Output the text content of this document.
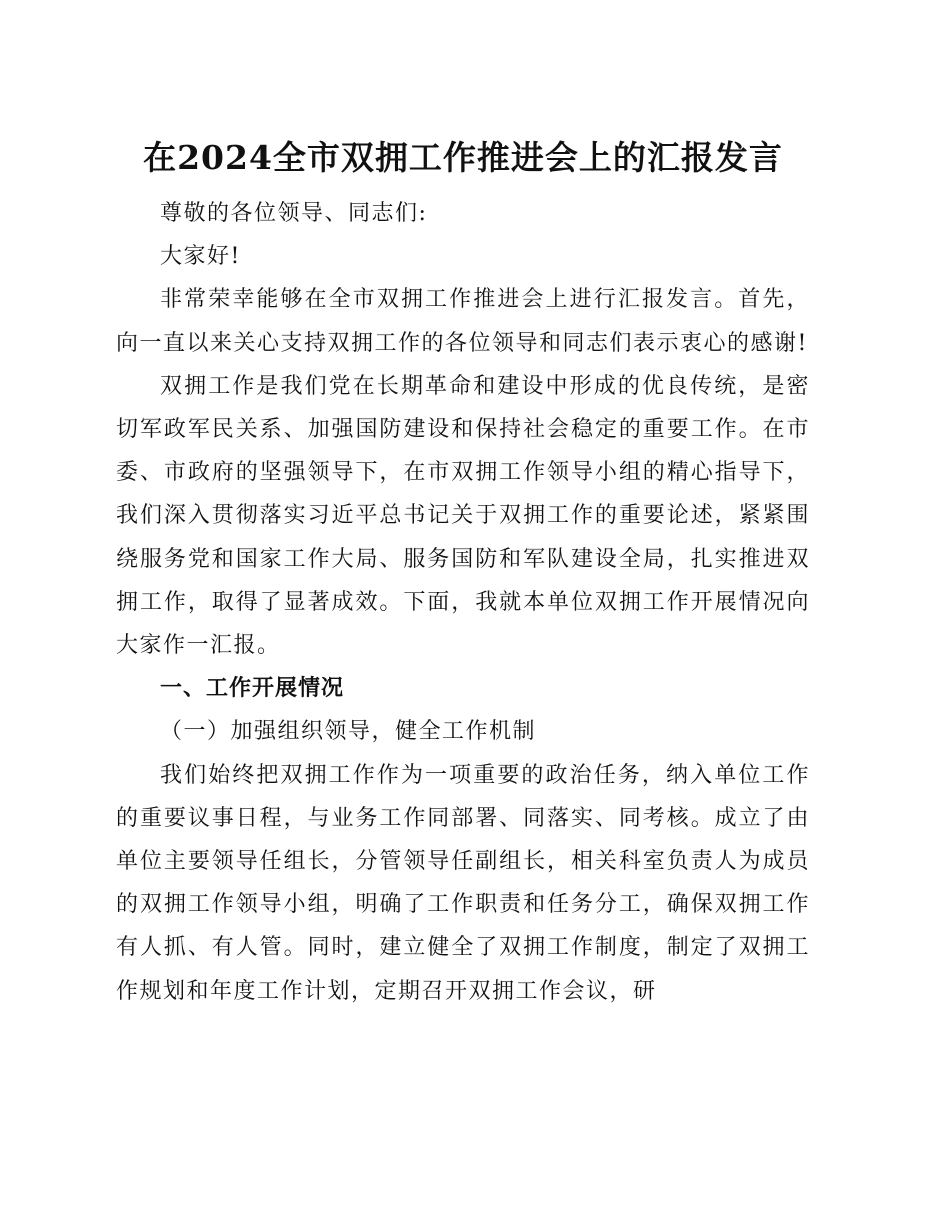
在2024全市双拥工作推进会上的汇报发言

尊敬的各位领导、同志们:

大家好!

非常荣幸能够在全市双拥工作推进会上进行汇报发言。首先，向一直以来关心支持双拥工作的各位领导和同志们表示衷心的感谢!

双拥工作是我们党在长期革命和建设中形成的优良传统，是密切军政军民关系、加强国防建设和保持社会稳定的重要工作。在市委、市政府的坚强领导下，在市双拥工作领导小组的精心指导下，我们深入贯彻落实习近平总书记关于双拥工作的重要论述，紧紧围绕服务党和国家工作大局、服务国防和军队建设全局，扎实推进双拥工作，取得了显著成效。下面，我就本单位双拥工作开展情况向大家作一汇报。

一、工作开展情况

（一）加强组织领导，健全工作机制

我们始终把双拥工作作为一项重要的政治任务，纳入单位工作的重要议事日程，与业务工作同部署、同落实、同考核。成立了由单位主要领导任组长，分管领导任副组长，相关科室负责人为成员的双拥工作领导小组，明确了工作职责和任务分工，确保双拥工作有人抓、有人管。同时，建立健全了双拥工作制度，制定了双拥工作规划和年度工作计划，定期召开双拥工作会议，研
